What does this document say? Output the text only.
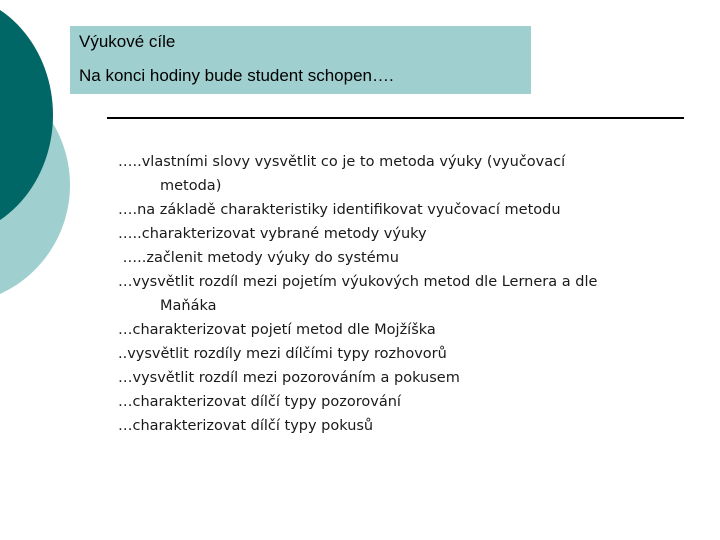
Výukové cíle
Na konci hodiny bude student schopen….
…..vlastními slovy vysvětlit co je to metoda výuky (vyučovací
metoda)
….na základě charakteristiky identifikovat vyučovací metodu
…..charakterizovat vybrané metody výuky
…..začlenit metody výuky do systému
…vysvětlit rozdíl mezi pojetím výukových metod dle Lernera a dle
Maňáka
…charakterizovat pojetí metod dle Mojžíška
..vysvětlit rozdíly mezi dílčími typy rozhovorů
…vysvětlit rozdíl mezi pozorováním a pokusem
…charakterizovat dílčí typy pozorování
…charakterizovat dílčí typy pokusů
